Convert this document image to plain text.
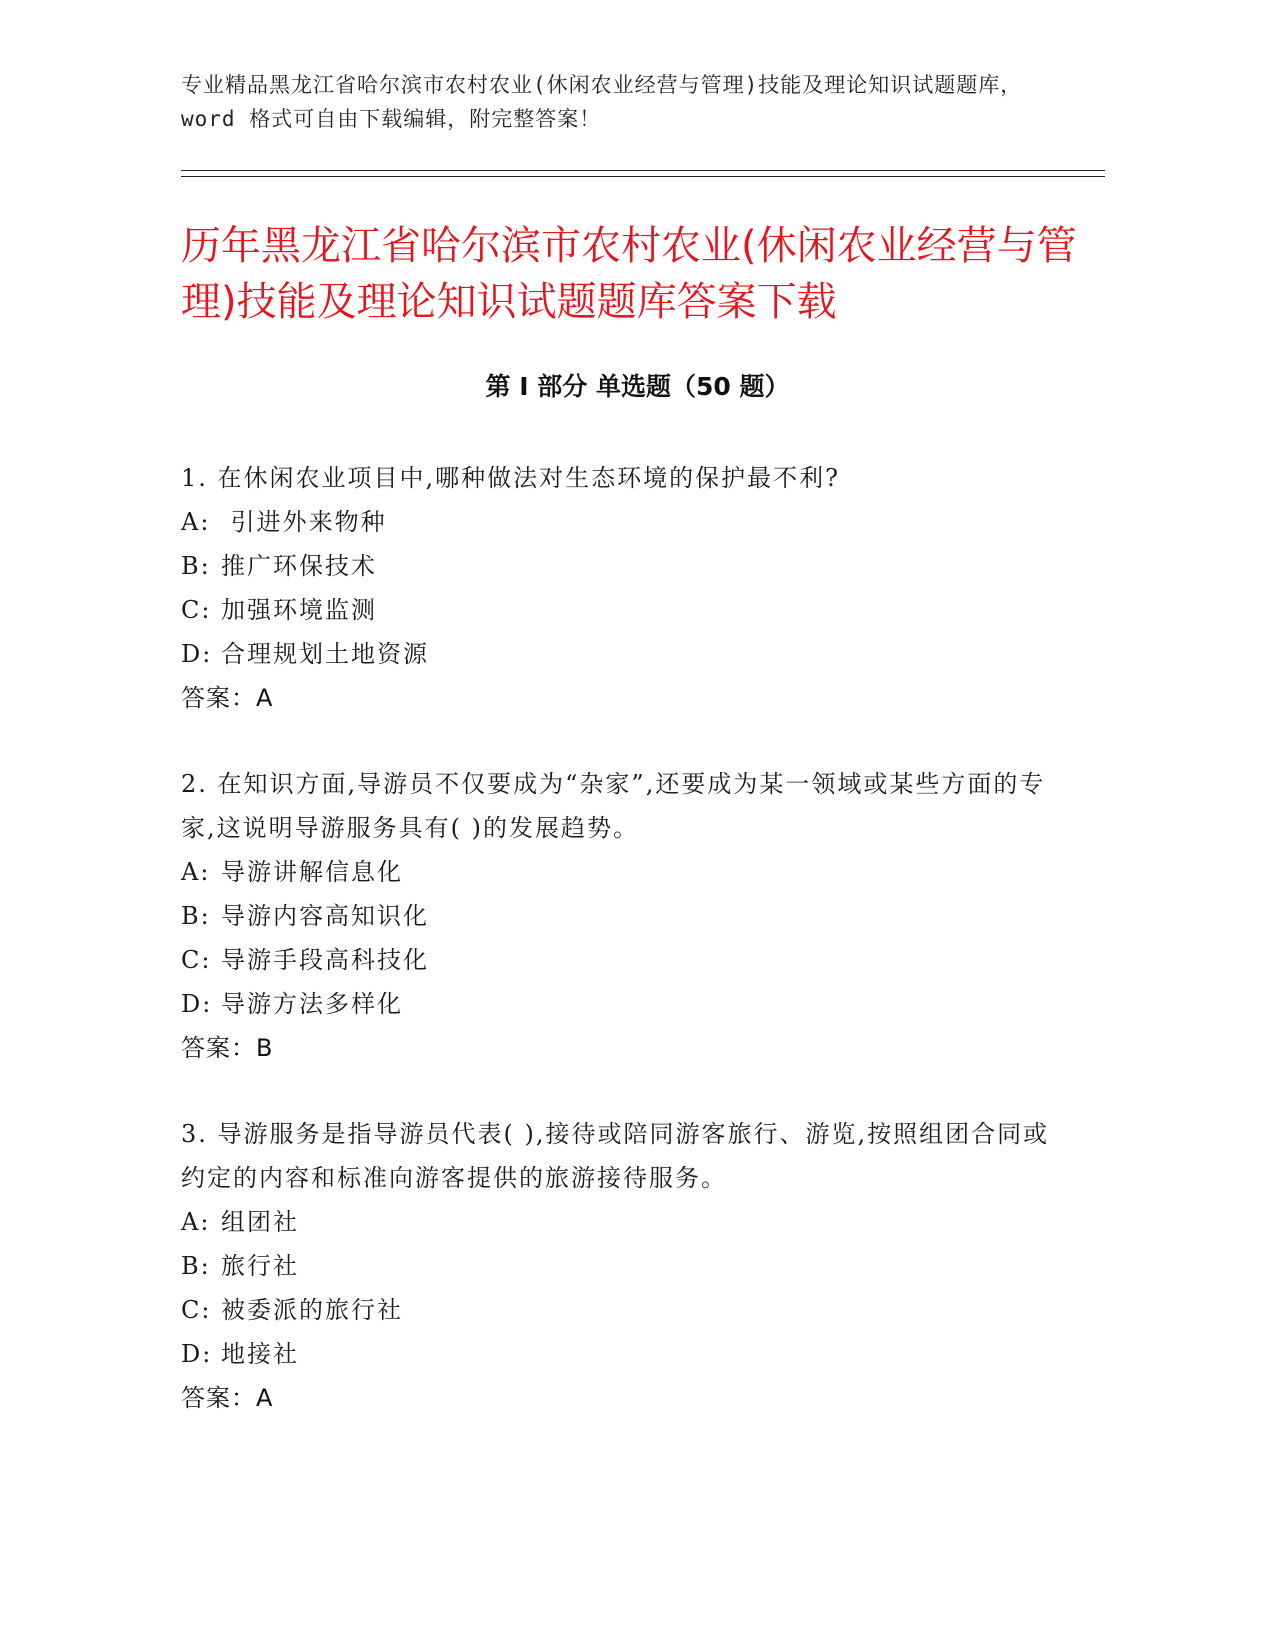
专业精品黑龙江省哈尔滨市农村农业(休闲农业经营与管理)技能及理论知识试题题库，word 格式可自由下载编辑，附完整答案！
历年黑龙江省哈尔滨市农村农业(休闲农业经营与管理)技能及理论知识试题题库答案下载
第 I 部分 单选题（50 题）
1. 在休闲农业项目中,哪种做法对生态环境的保护最不利?
A: 引进外来物种
B: 推广环保技术
C: 加强环境监测
D: 合理规划土地资源
答案：A
2. 在知识方面,导游员不仅要成为“杂家”,还要成为某一领域或某些方面的专家,这说明导游服务具有( )的发展趋势。
A: 导游讲解信息化
B: 导游内容高知识化
C: 导游手段高科技化
D: 导游方法多样化
答案：B
3. 导游服务是指导游员代表( ),接待或陪同游客旅行、游览,按照组团合同或约定的内容和标准向游客提供的旅游接待服务。
A: 组团社
B: 旅行社
C: 被委派的旅行社
D: 地接社
答案：A
